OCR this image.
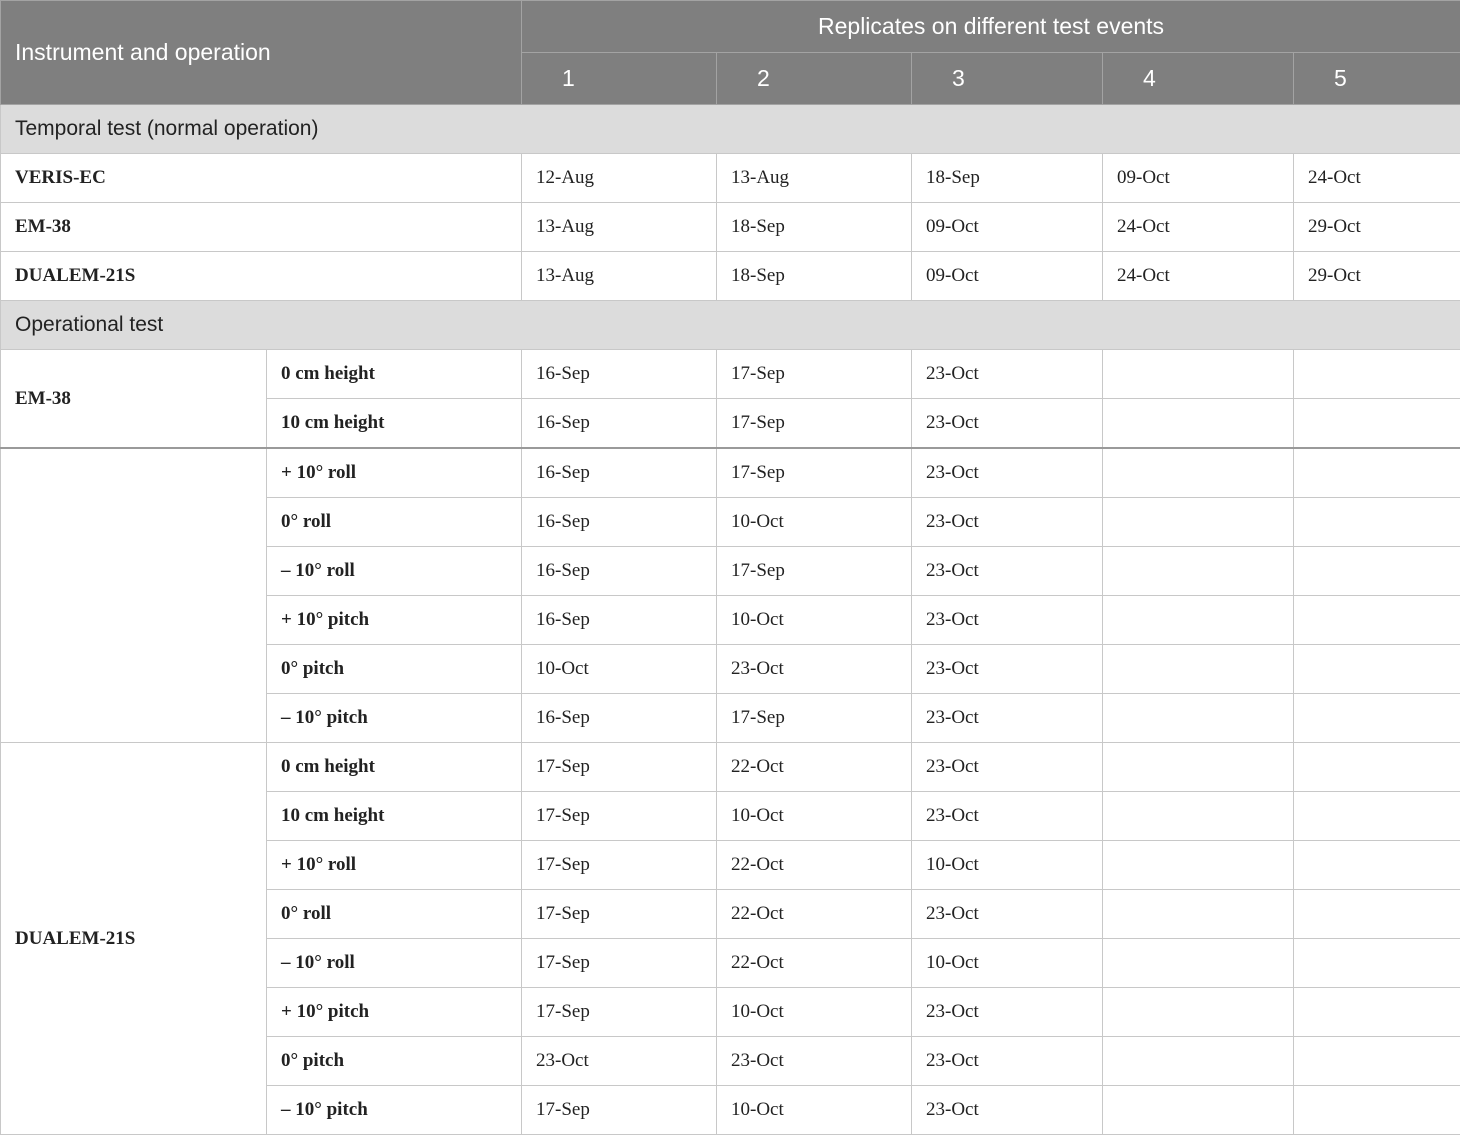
Instrument and operation		Replicates on different test events				
		1	2	3	4	5
Temporal test (normal operation)						
VERIS-EC		12-Aug	13-Aug	18-Sep	09-Oct	24-Oct
EM-38		13-Aug	18-Sep	09-Oct	24-Oct	29-Oct
DUALEM-21S		13-Aug	18-Sep	09-Oct	24-Oct	29-Oct
Operational test						
EM-38	0 cm height	16-Sep	17-Sep	23-Oct		
	10 cm height	16-Sep	17-Sep	23-Oct		
	+ 10° roll	16-Sep	17-Sep	23-Oct		
	0° roll	16-Sep	10-Oct	23-Oct		
	– 10° roll	16-Sep	17-Sep	23-Oct		
	+ 10° pitch	16-Sep	10-Oct	23-Oct		
	0° pitch	10-Oct	23-Oct	23-Oct		
	– 10° pitch	16-Sep	17-Sep	23-Oct		
DUALEM-21S	0 cm height	17-Sep	22-Oct	23-Oct		
	10 cm height	17-Sep	10-Oct	23-Oct		
	+ 10° roll	17-Sep	22-Oct	10-Oct		
	0° roll	17-Sep	22-Oct	23-Oct		
	– 10° roll	17-Sep	22-Oct	10-Oct		
	+ 10° pitch	17-Sep	10-Oct	23-Oct		
	0° pitch	23-Oct	23-Oct	23-Oct		
	– 10° pitch	17-Sep	10-Oct	23-Oct		
